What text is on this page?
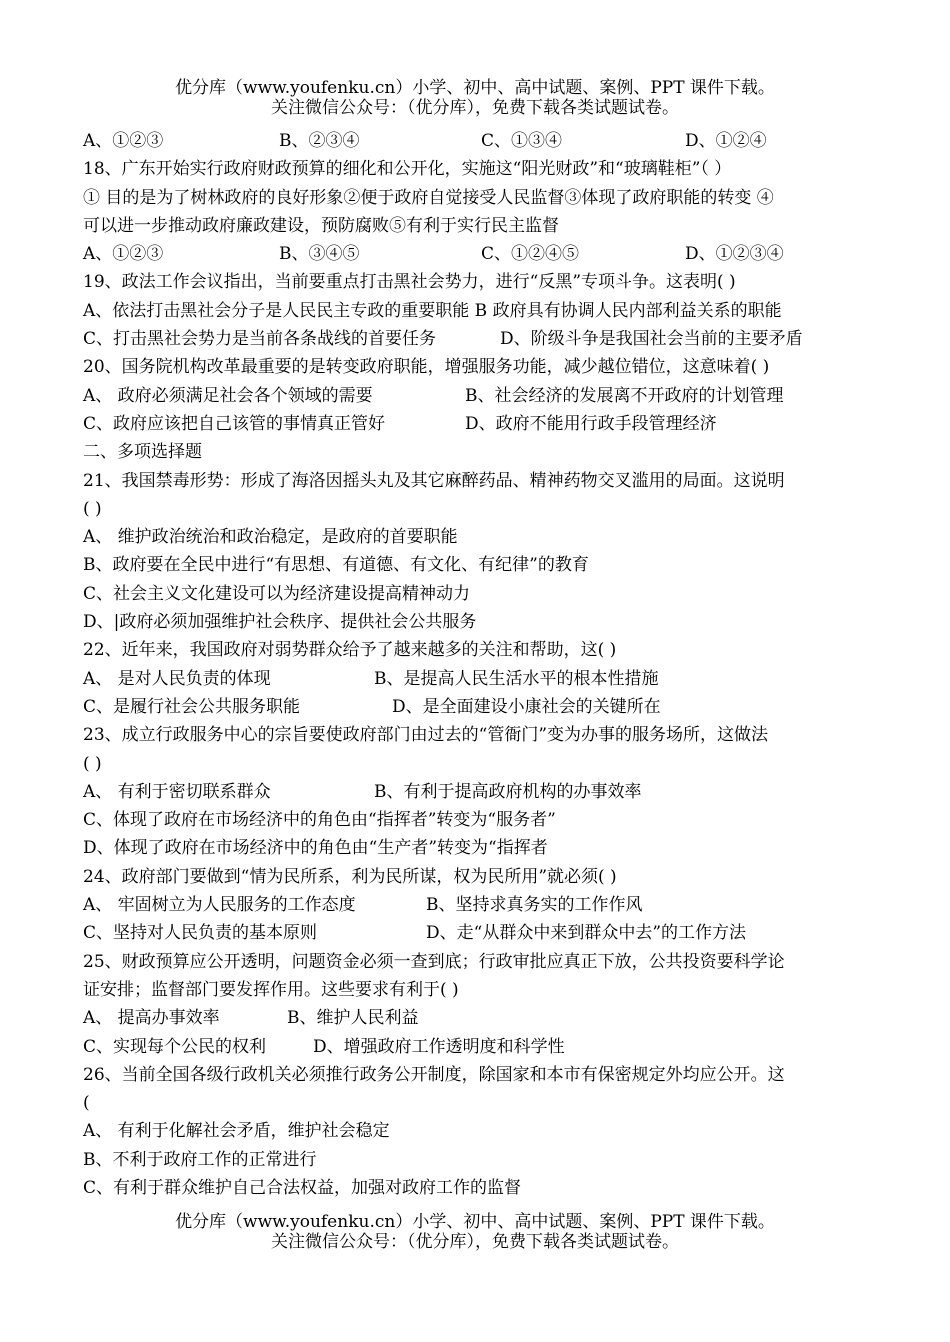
优分库（www.youfenku.cn）小学、初中、高中试题、案例、PPT 课件下载。
关注微信公众号：（优分库），免费下载各类试题试卷。
A、①②③	B、②③④	C、①③④	D、①②④
18、广东开始实行政府财政预算的细化和公开化，实施这“阳光财政”和“玻璃鞋柜”（ ）
① 目的是为了树林政府的良好形象②便于政府自觉接受人民监督③体现了政府职能的转变 ④
可以进一步推动政府廉政建设，预防腐败⑤有利于实行民主监督
A、①②③	B、③④⑤	C、①②④⑤	D、①②③④
19、政法工作会议指出，当前要重点打击黑社会势力，进行“反黑”专项斗争。这表明( )
A、依法打击黑社会分子是人民民主专政的重要职能 B 政府具有协调人民内部利益关系的职能
C、打击黑社会势力是当前各条战线的首要任务	D、阶级斗争是我国社会当前的主要矛盾
20、国务院机构改革最重要的是转变政府职能，增强服务功能，减少越位错位，这意味着( )
A、 政府必须满足社会各个领域的需要	B、社会经济的发展离不开政府的计划管理
C、政府应该把自己该管的事情真正管好	D、政府不能用行政手段管理经济
二、多项选择题
21、我国禁毒形势：形成了海洛因摇头丸及其它麻醉药品、精神药物交叉滥用的局面。这说明
( )
A、 维护政治统治和政治稳定，是政府的首要职能
B、政府要在全民中进行“有思想、有道德、有文化、有纪律”的教育
C、社会主义文化建设可以为经济建设提高精神动力
D、|政府必须加强维护社会秩序、提供社会公共服务
22、近年来，我国政府对弱势群众给予了越来越多的关注和帮助，这( )
A、 是对人民负责的体现	B、是提高人民生活水平的根本性措施
C、是履行社会公共服务职能	D、是全面建设小康社会的关键所在
23、成立行政服务中心的宗旨要使政府部门由过去的“管衙门”变为办事的服务场所，这做法
( )
A、 有利于密切联系群众	B、有利于提高政府机构的办事效率
C、体现了政府在市场经济中的角色由“指挥者”转变为“服务者”
D、体现了政府在市场经济中的角色由“生产者”转变为“指挥者
24、政府部门要做到“情为民所系，利为民所谋，权为民所用”就必须( )
A、 牢固树立为人民服务的工作态度	B、坚持求真务实的工作作风
C、坚持对人民负责的基本原则	D、走“从群众中来到群众中去”的工作方法
25、财政预算应公开透明，问题资金必须一查到底；行政审批应真正下放，公共投资要科学论
证安排；监督部门要发挥作用。这些要求有利于( )
A、 提高办事效率	B、维护人民利益
C、实现每个公民的权利	D、增强政府工作透明度和科学性
26、当前全国各级行政机关必须推行政务公开制度，除国家和本市有保密规定外均应公开。这
(
A、 有利于化解社会矛盾，维护社会稳定
B、不利于政府工作的正常进行
C、有利于群众维护自己合法权益，加强对政府工作的监督
优分库（www.youfenku.cn）小学、初中、高中试题、案例、PPT 课件下载。
关注微信公众号：（优分库），免费下载各类试题试卷。
